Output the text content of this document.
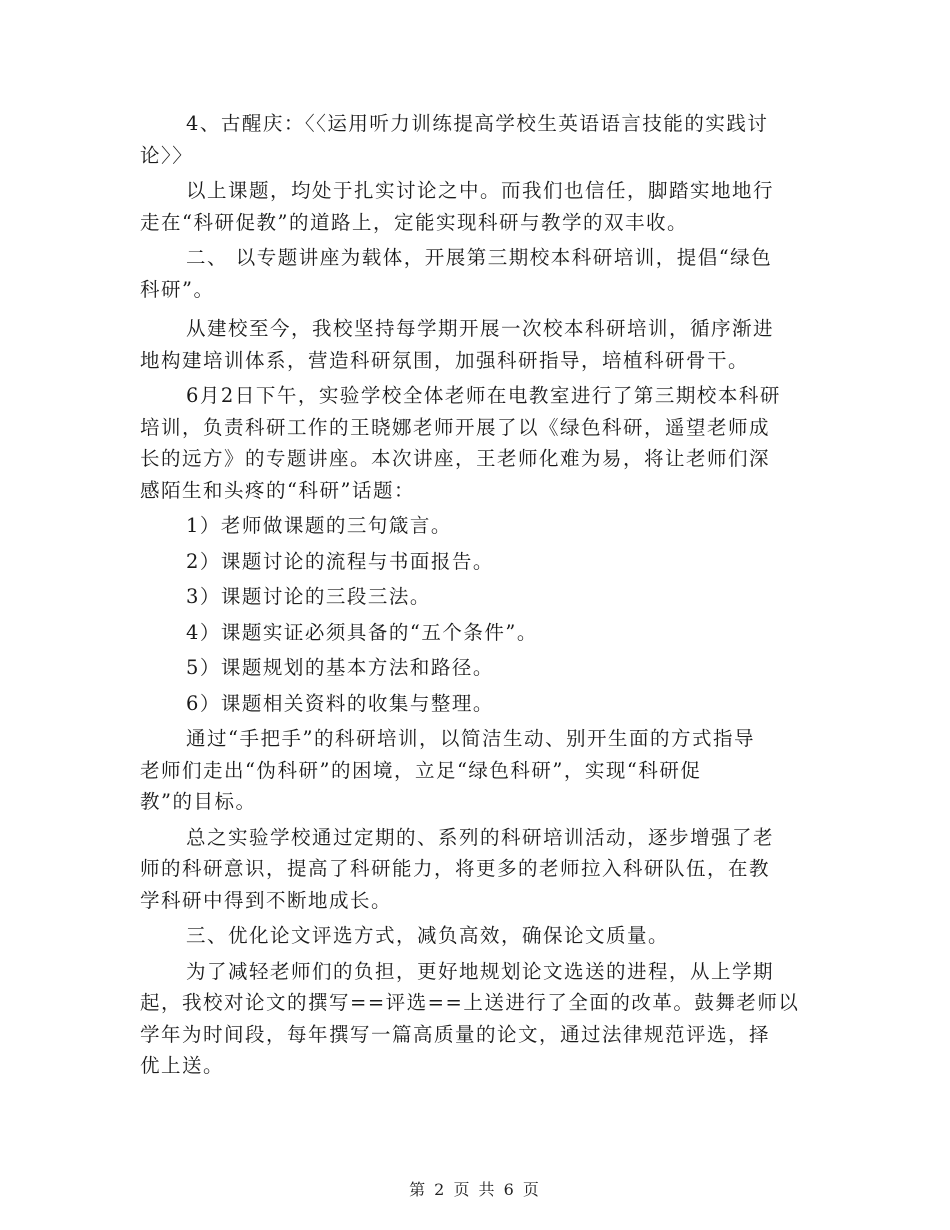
4、古醒庆：〈〈运用听力训练提高学校生英语语言技能的实践讨
论〉〉

以上课题，均处于扎实讨论之中。而我们也信任，脚踏实地地行
走在“科研促教”的道路上，定能实现科研与教学的双丰收。

二、 以专题讲座为载体，开展第三期校本科研培训，提倡“绿色
科研”。

从建校至今，我校坚持每学期开展一次校本科研培训，循序渐进
地构建培训体系，营造科研氛围，加强科研指导，培植科研骨干。

6月2日下午，实验学校全体老师在电教室进行了第三期校本科研
培训，负责科研工作的王晓娜老师开展了以《绿色科研，遥望老师成
长的远方》的专题讲座。本次讲座，王老师化难为易，将让老师们深
感陌生和头疼的“科研”话题：

1）老师做课题的三句箴言。

2）课题讨论的流程与书面报告。

3）课题讨论的三段三法。

4）课题实证必须具备的“五个条件”。

5）课题规划的基本方法和路径。

6）课题相关资料的收集与整理。

通过“手把手”的科研培训，以简洁生动、别开生面的方式指导
老师们走出“伪科研”的困境，立足“绿色科研”，实现“科研促
教”的目标。

总之实验学校通过定期的、系列的科研培训活动，逐步增强了老
师的科研意识，提高了科研能力，将更多的老师拉入科研队伍，在教
学科研中得到不断地成长。

三、优化论文评选方式，减负高效，确保论文质量。

为了减轻老师们的负担，更好地规划论文选送的进程，从上学期
起，我校对论文的撰写==评选==上送进行了全面的改革。鼓舞老师以
学年为时间段，每年撰写一篇高质量的论文，通过法律规范评选，择
优上送。

第 2 页 共 6 页
